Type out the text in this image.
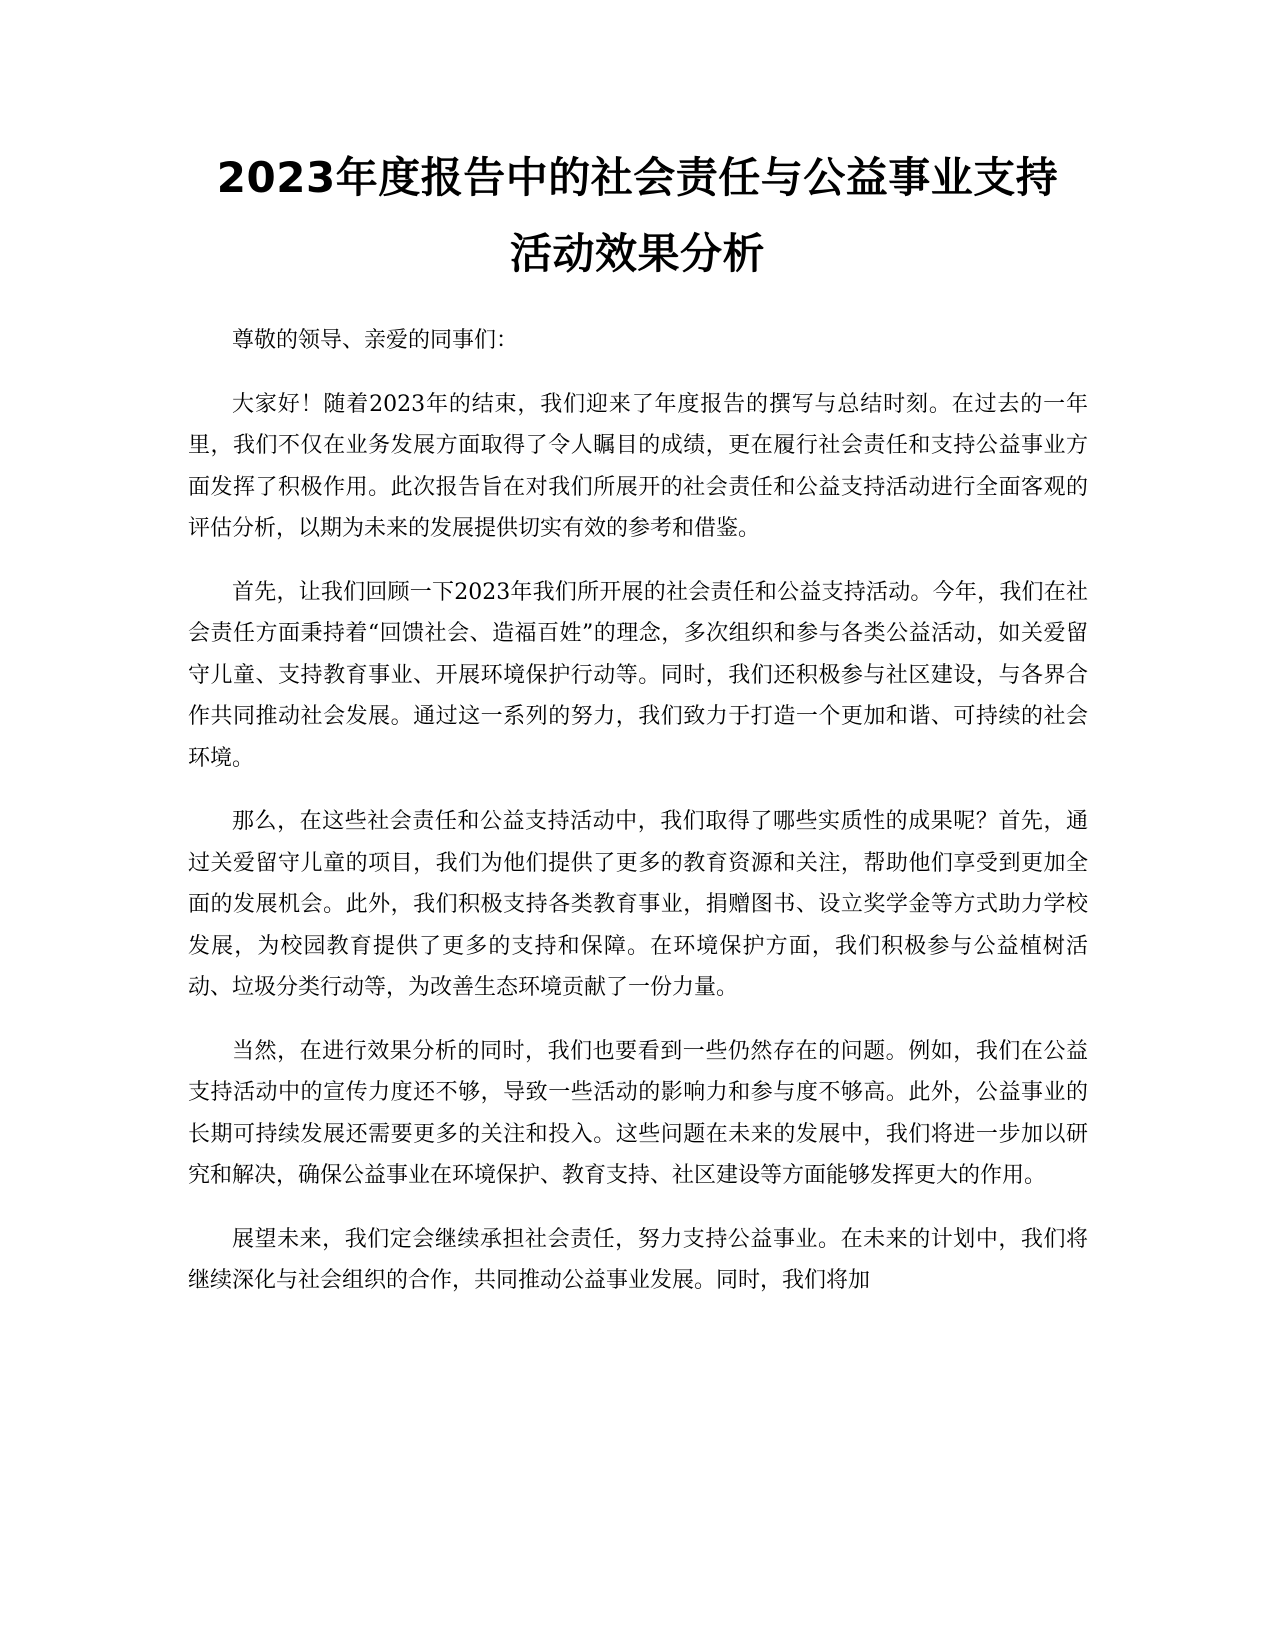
2023年度报告中的社会责任与公益事业支持
活动效果分析

尊敬的领导、亲爱的同事们：

大家好！随着2023年的结束，我们迎来了年度报告的撰写与总结时刻。在过去的一年里，我们不仅在业务发展方面取得了令人瞩目的成绩，更在履行社会责任和支持公益事业方面发挥了积极作用。此次报告旨在对我们所展开的社会责任和公益支持活动进行全面客观的评估分析，以期为未来的发展提供切实有效的参考和借鉴。

首先，让我们回顾一下2023年我们所开展的社会责任和公益支持活动。今年，我们在社会责任方面秉持着“回馈社会、造福百姓”的理念，多次组织和参与各类公益活动，如关爱留守儿童、支持教育事业、开展环境保护行动等。同时，我们还积极参与社区建设，与各界合作共同推动社会发展。通过这一系列的努力，我们致力于打造一个更加和谐、可持续的社会环境。

那么，在这些社会责任和公益支持活动中，我们取得了哪些实质性的成果呢？首先，通过关爱留守儿童的项目，我们为他们提供了更多的教育资源和关注，帮助他们享受到更加全面的发展机会。此外，我们积极支持各类教育事业，捐赠图书、设立奖学金等方式助力学校发展，为校园教育提供了更多的支持和保障。在环境保护方面，我们积极参与公益植树活动、垃圾分类行动等，为改善生态环境贡献了一份力量。

当然，在进行效果分析的同时，我们也要看到一些仍然存在的问题。例如，我们在公益支持活动中的宣传力度还不够，导致一些活动的影响力和参与度不够高。此外，公益事业的长期可持续发展还需要更多的关注和投入。这些问题在未来的发展中，我们将进一步加以研究和解决，确保公益事业在环境保护、教育支持、社区建设等方面能够发挥更大的作用。

展望未来，我们定会继续承担社会责任，努力支持公益事业。在未来的计划中，我们将继续深化与社会组织的合作，共同推动公益事业发展。同时，我们将加
